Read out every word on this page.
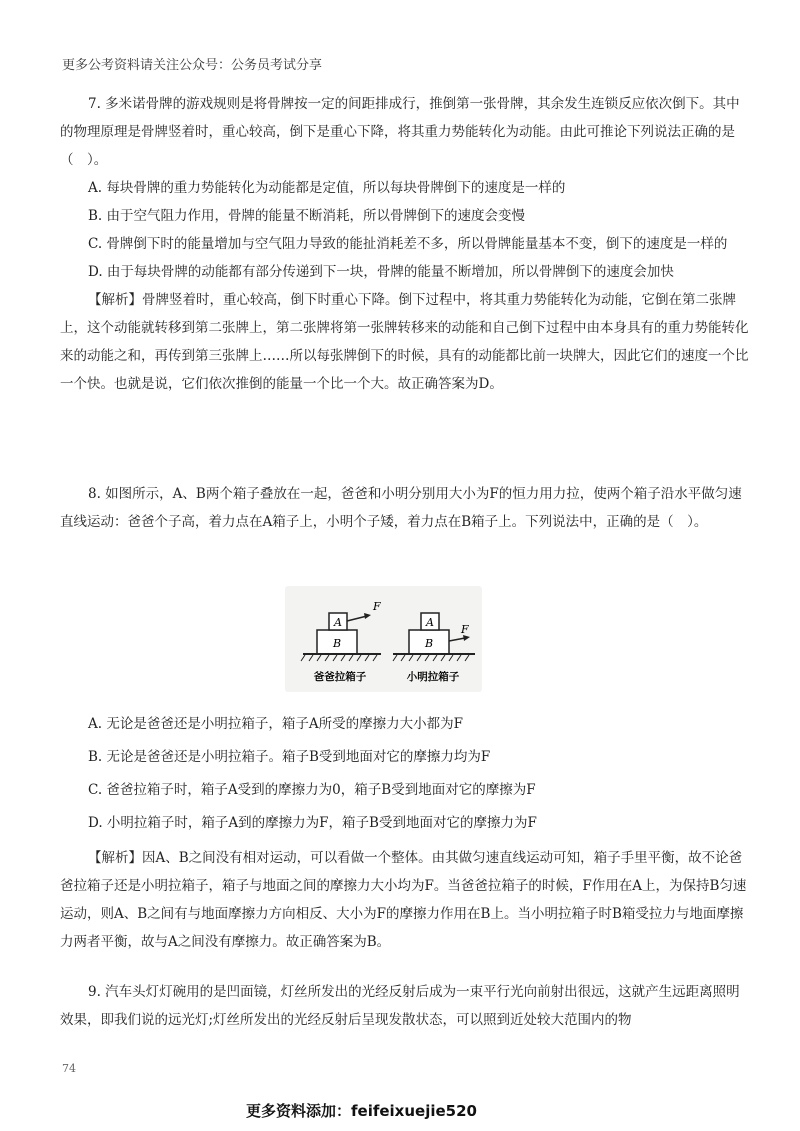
更多公考资料请关注公众号：公务员考试分享

7. 多米诺骨牌的游戏规则是将骨牌按一定的间距排成行，推倒第一张骨牌，其余发生连锁反应依次倒下。其中的物理原理是骨牌竖着时，重心较高，倒下是重心下降，将其重力势能转化为动能。由此可推论下列说法正确的是（　）。

A. 每块骨牌的重力势能转化为动能都是定值，所以每块骨牌倒下的速度是一样的

B. 由于空气阻力作用，骨牌的能量不断消耗，所以骨牌倒下的速度会变慢

C. 骨牌倒下时的能量增加与空气阻力导致的能扯消耗差不多，所以骨牌能量基本不变，倒下的速度是一样的

D. 由于每块骨牌的动能都有部分传递到下一块，骨牌的能量不断增加，所以骨牌倒下的速度会加快

【解析】骨牌竖着时，重心较高，倒下时重心下降。倒下过程中，将其重力势能转化为动能，它倒在第二张牌上，这个动能就转移到第二张牌上，第二张牌将第一张牌转移来的动能和自己倒下过程中由本身具有的重力势能转化来的动能之和，再传到第三张牌上……所以每张牌倒下的时候，具有的动能都比前一块牌大，因此它们的速度一个比一个快。也就是说，它们依次推倒的能量一个比一个大。故正确答案为D。

8. 如图所示，A、B两个箱子叠放在一起，爸爸和小明分别用大小为F的恒力用力拉，使两个箱子沿水平做匀速直线运动：爸爸个子高，着力点在A箱子上，小明个子矮，着力点在B箱子上。下列说法中，正确的是（　）。

A
B
F
爸爸拉箱子
A
B
F
小明拉箱子

A. 无论是爸爸还是小明拉箱子，箱子A所受的摩擦力大小都为F

B. 无论是爸爸还是小明拉箱子。箱子B受到地面对它的摩擦力均为F

C. 爸爸拉箱子时，箱子A受到的摩擦力为0，箱子B受到地面对它的摩擦为F

D. 小明拉箱子时，箱子A到的摩擦力为F，箱子B受到地面对它的摩擦力为F

【解析】因A、B之间没有相对运动，可以看做一个整体。由其做匀速直线运动可知，箱子手里平衡，故不论爸爸拉箱子还是小明拉箱子，箱子与地面之间的摩擦力大小均为F。当爸爸拉箱子的时候，F作用在A上，为保持B匀速运动，则A、B之间有与地面摩擦力方向相反、大小为F的摩擦力作用在B上。当小明拉箱子时B箱受拉力与地面摩擦力两者平衡，故与A之间没有摩擦力。故正确答案为B。

9. 汽车头灯灯碗用的是凹面镜，灯丝所发出的光经反射后成为一束平行光向前射出很远，这就产生远距离照明效果，即我们说的远光灯;灯丝所发出的光经反射后呈现发散状态，可以照到近处较大范围内的物

74
更多资料添加：feifeixuejie520
